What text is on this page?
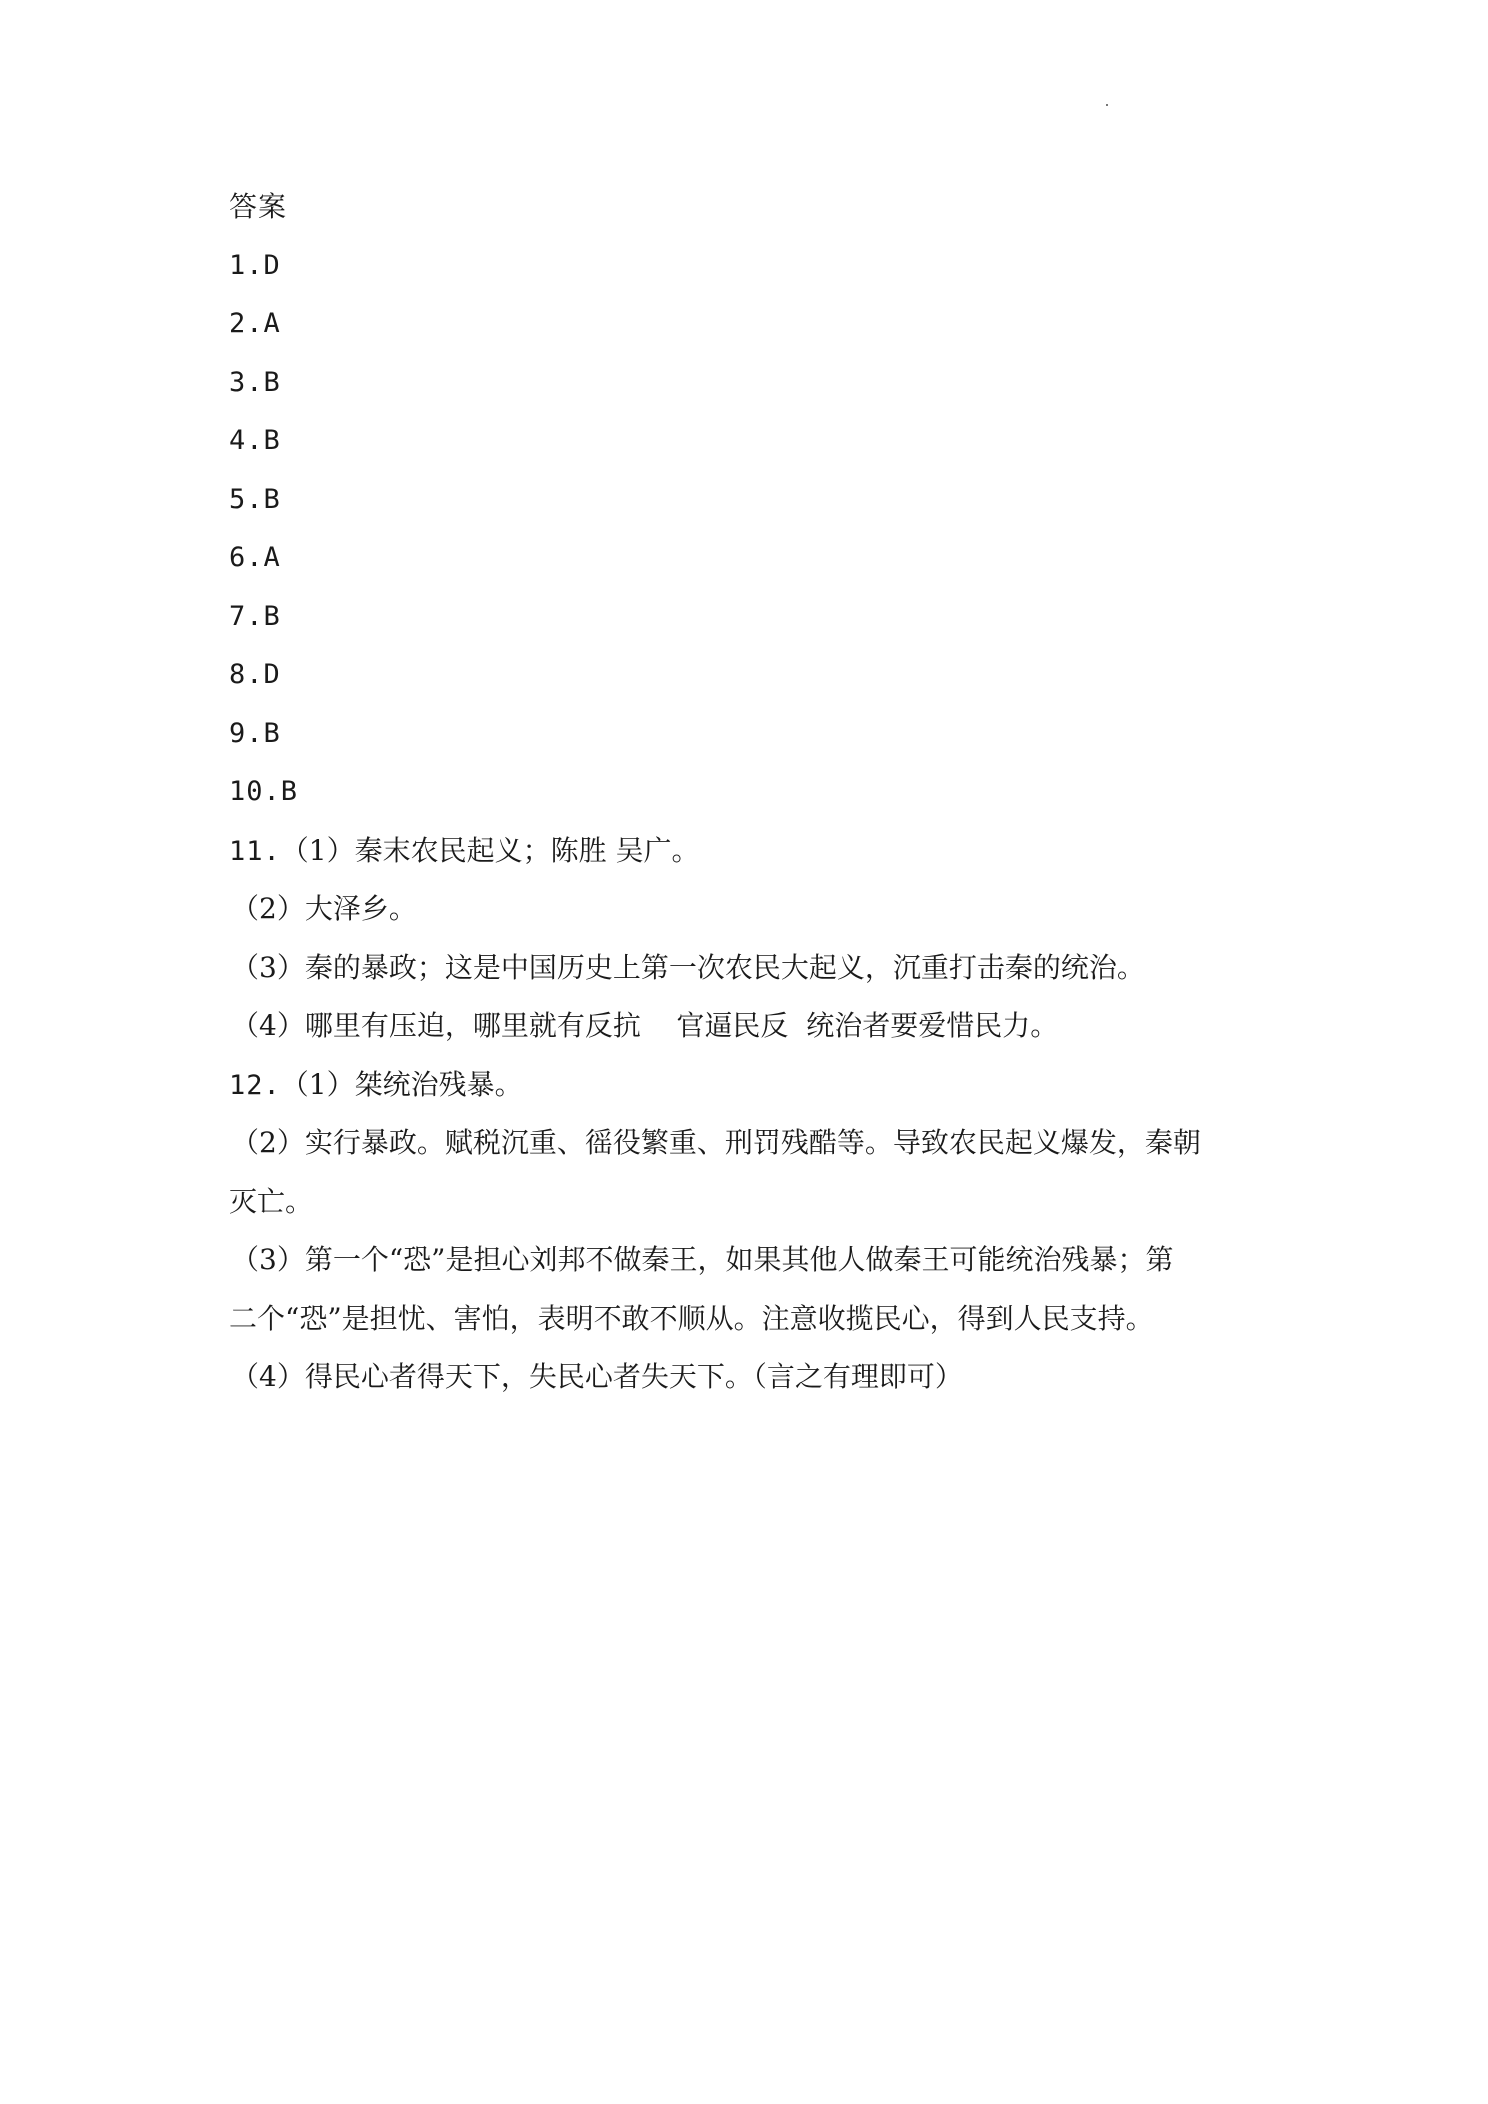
答案
1.D
2.A
3.B
4.B
5.B
6.A
7.B
8.D
9.B
10.B
11.（1）秦末农民起义；陈胜 吴广。
（2）大泽乡。
（3）秦的暴政；这是中国历史上第一次农民大起义，沉重打击秦的统治。
（4）哪里有压迫，哪里就有反抗    官逼民反  统治者要爱惜民力。
12.（1）桀统治残暴。
（2）实行暴政。赋税沉重、徭役繁重、刑罚残酷等。导致农民起义爆发，秦朝
灭亡。
（3）第一个“恐”是担心刘邦不做秦王，如果其他人做秦王可能统治残暴；第
二个“恐”是担忧、害怕，表明不敢不顺从。注意收揽民心，得到人民支持。
（4）得民心者得天下，失民心者失天下。（言之有理即可）
